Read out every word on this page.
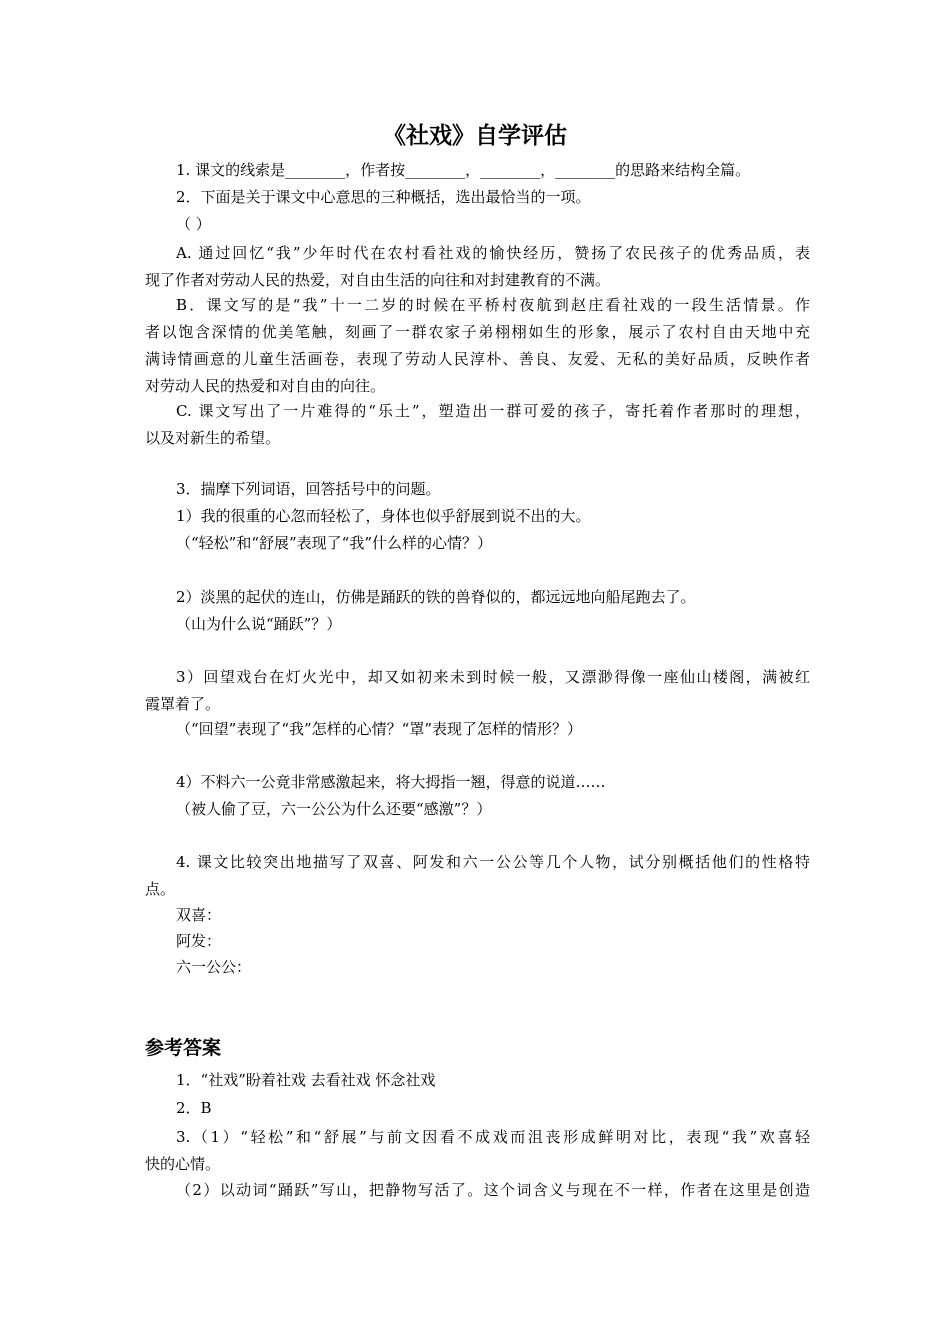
《社戏》自学评估
1. 课文的线索是________，作者按________，________，________的思路来结构全篇。
2．下面是关于课文中心意思的三种概括，选出最恰当的一项。
（ ）
A. 通过回忆“我”少年时代在农村看社戏的愉快经历，赞扬了农民孩子的优秀品质，表
现了作者对劳动人民的热爱，对自由生活的向往和对封建教育的不满。
B．课文写的是“我”十一二岁的时候在平桥村夜航到赵庄看社戏的一段生活情景。作
者以饱含深情的优美笔触，刻画了一群农家子弟栩栩如生的形象，展示了农村自由天地中充
满诗情画意的儿童生活画卷，表现了劳动人民淳朴、善良、友爱、无私的美好品质，反映作者
对劳动人民的热爱和对自由的向往。
C. 课文写出了一片难得的“乐土”，塑造出一群可爱的孩子，寄托着作者那时的理想，
以及对新生的希望。
3．揣摩下列词语，回答括号中的问题。
1）我的很重的心忽而轻松了，身体也似乎舒展到说不出的大。
（“轻松”和“舒展”表现了“我”什么样的心情？）
2）淡黑的起伏的连山，仿佛是踊跃的铁的兽脊似的，都远远地向船尾跑去了。
（山为什么说“踊跃”？）
3）回望戏台在灯火光中，却又如初来未到时候一般，又漂渺得像一座仙山楼阁，满被红
霞罩着了。
（“回望”表现了“我”怎样的心情？“罩”表现了怎样的情形？）
4）不料六一公竟非常感激起来，将大拇指一翘，得意的说道……
（被人偷了豆，六一公公为什么还要“感激”？）
4. 课文比较突出地描写了双喜、阿发和六一公公等几个人物，试分别概括他们的性格特
点。
双喜：
阿发：
六一公公：
参考答案
1．“社戏”盼着社戏 去看社戏 怀念社戏
2．B
3.（1）“轻松”和“舒展”与前文因看不成戏而沮丧形成鲜明对比，表现“我”欢喜轻
快的心情。
（2）以动词“踊跃”写山，把静物写活了。这个词含义与现在不一样，作者在这里是创造
